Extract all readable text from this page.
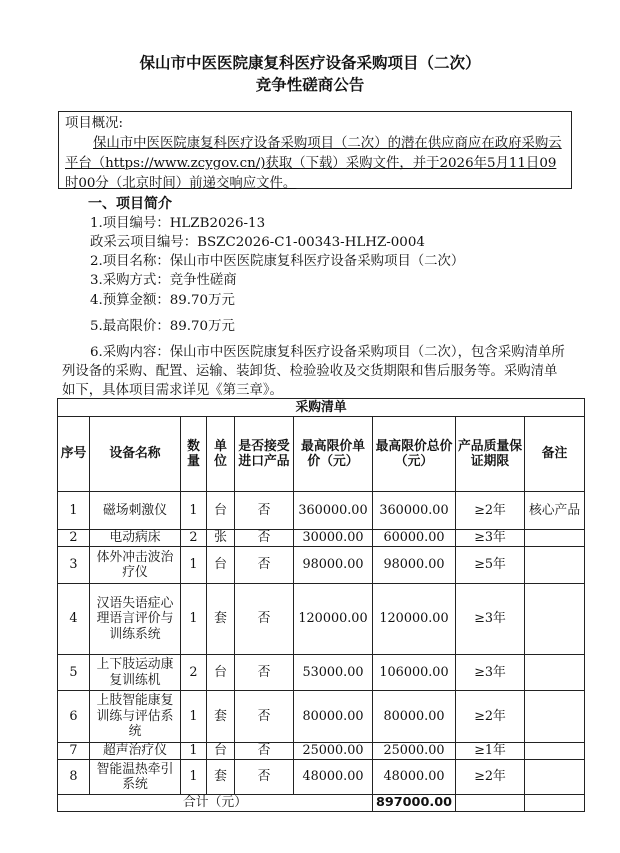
保山市中医医院康复科医疗设备采购项目（二次）
竞争性磋商公告
项目概况:
保山市中医医院康复科医疗设备采购项目（二次）的潜在供应商应在政府采购云平台（https://www.zcygov.cn/)获取（下载）采购文件，并于2026年5月11日09时00分（北京时间）前递交响应文件。
一、项目简介
1.项目编号：HLZB2026-13
政采云项目编号：BSZC2026-C1-00343-HLHZ-0004
2.项目名称：保山市中医医院康复科医疗设备采购项目（二次）
3.采购方式：竞争性磋商
4.预算金额：89.70万元
5.最高限价：89.70万元
6.采购内容：保山市中医医院康复科医疗设备采购项目（二次），包含采购清单所列设备的采购、配置、运输、装卸货、检验验收及交货期限和售后服务等。采购清单如下，具体项目需求详见《第三章》。
采购清单								
序号	设备名称	数量	单位	是否接受进口产品	最高限价单价（元）	最高限价总价（元）	产品质量保证期限	备注
1	磁场刺激仪	1	台	否	360000.00	360000.00	≥2年	核心产品
2	电动病床	2	张	否	30000.00	60000.00	≥3年	
3	体外冲击波治疗仪	1	台	否	98000.00	98000.00	≥5年	
4	汉语失语症心理语言评价与训练系统	1	套	否	120000.00	120000.00	≥3年	
5	上下肢运动康复训练机	2	台	否	53000.00	106000.00	≥3年	
6	上肢智能康复训练与评估系统	1	套	否	80000.00	80000.00	≥2年	
7	超声治疗仪	1	台	否	25000.00	25000.00	≥1年	
8	智能温热牵引系统	1	套	否	48000.00	48000.00	≥2年	
合计（元）						897000.00		
